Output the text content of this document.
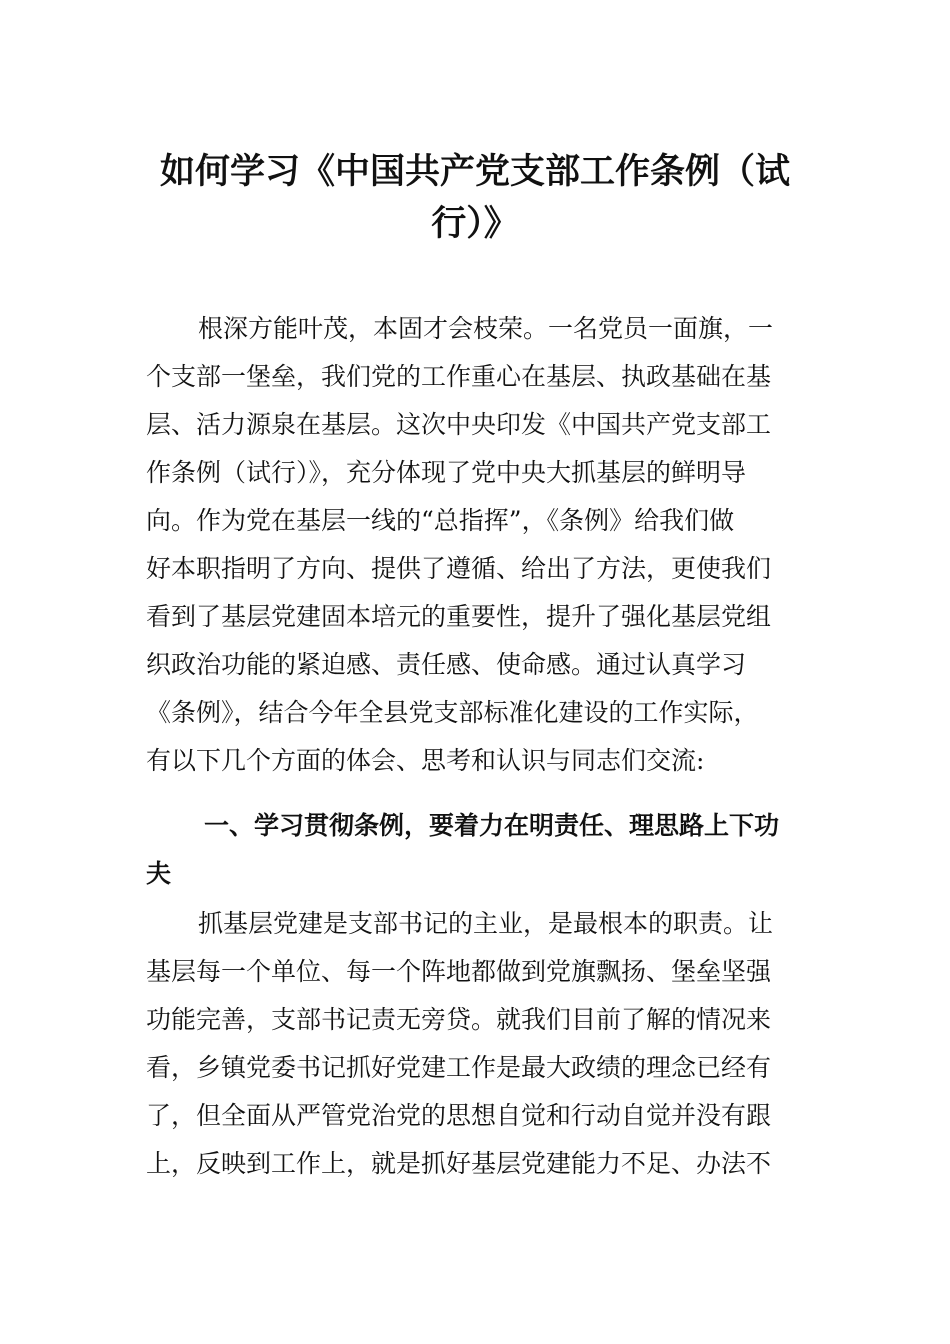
如何学习《中国共产党支部工作条例（试
行）》
根深方能叶茂，本固才会枝荣。一名党员一面旗，一
个支部一堡垒，我们党的工作重心在基层、执政基础在基
层、活力源泉在基层。这次中央印发《中国共产党支部工
作条例（试行）》，充分体现了党中央大抓基层的鲜明导
向。作为党在基层一线的“总指挥”，《条例》给我们做
好本职指明了方向、提供了遵循、给出了方法，更使我们
看到了基层党建固本培元的重要性，提升了强化基层党组
织政治功能的紧迫感、责任感、使命感。通过认真学习
《条例》，结合今年全县党支部标准化建设的工作实际，
有以下几个方面的体会、思考和认识与同志们交流:
一、学习贯彻条例，要着力在明责任、理思路上下功
夫
抓基层党建是支部书记的主业，是最根本的职责。让
基层每一个单位、每一个阵地都做到党旗飘扬、堡垒坚强
功能完善，支部书记责无旁贷。就我们目前了解的情况来
看，乡镇党委书记抓好党建工作是最大政绩的理念已经有
了，但全面从严管党治党的思想自觉和行动自觉并没有跟
上，反映到工作上，就是抓好基层党建能力不足、办法不
